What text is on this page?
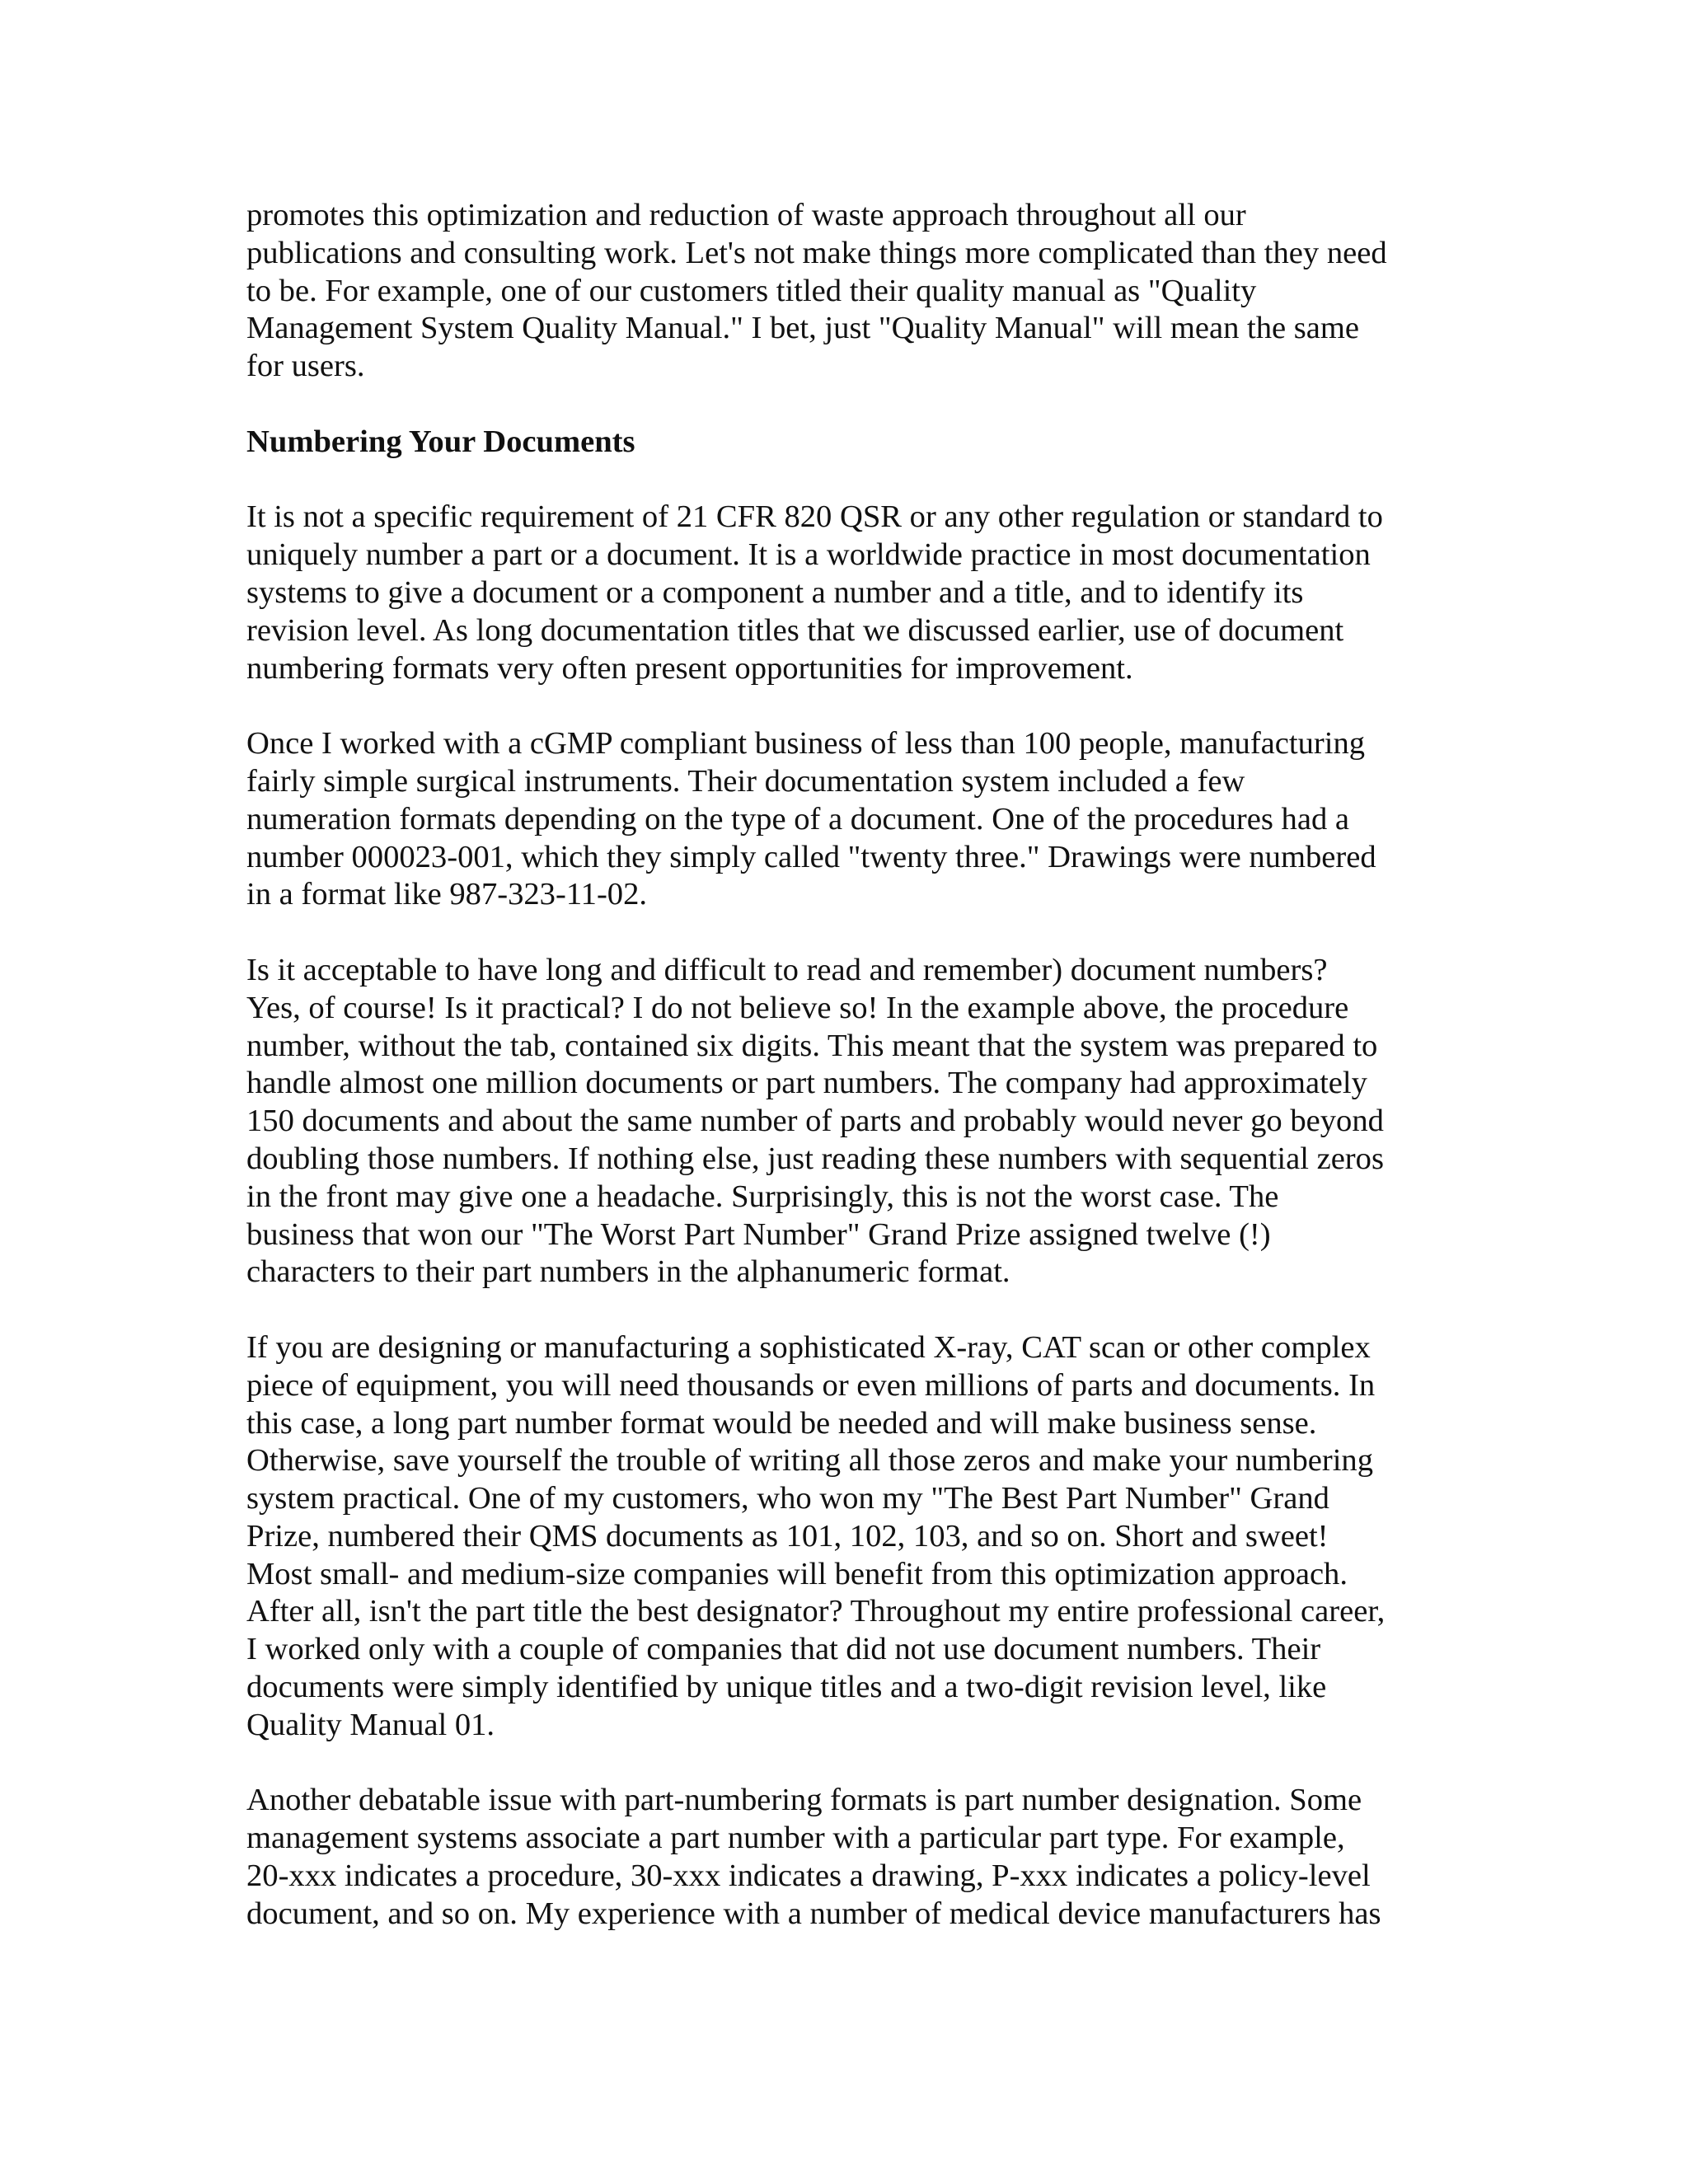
promotes this optimization and reduction of waste approach throughout all our
publications and consulting work. Let's not make things more complicated than they need
to be. For example, one of our customers titled their quality manual as "Quality
Management System Quality Manual." I bet, just "Quality Manual" will mean the same
for users.
Numbering Your Documents
It is not a specific requirement of 21 CFR 820 QSR or any other regulation or standard to
uniquely number a part or a document. It is a worldwide practice in most documentation
systems to give a document or a component a number and a title, and to identify its
revision level. As long documentation titles that we discussed earlier, use of document
numbering formats very often present opportunities for improvement.
Once I worked with a cGMP compliant business of less than 100 people, manufacturing
fairly simple surgical instruments. Their documentation system included a few
numeration formats depending on the type of a document. One of the procedures had a
number 000023-001, which they simply called "twenty three." Drawings were numbered
in a format like 987-323-11-02.
Is it acceptable to have long and difficult to read and remember) document numbers?
Yes, of course! Is it practical? I do not believe so! In the example above, the procedure
number, without the tab, contained six digits. This meant that the system was prepared to
handle almost one million documents or part numbers. The company had approximately
150 documents and about the same number of parts and probably would never go beyond
doubling those numbers. If nothing else, just reading these numbers with sequential zeros
in the front may give one a headache. Surprisingly, this is not the worst case. The
business that won our "The Worst Part Number" Grand Prize assigned twelve (!)
characters to their part numbers in the alphanumeric format.
If you are designing or manufacturing a sophisticated X-ray, CAT scan or other complex
piece of equipment, you will need thousands or even millions of parts and documents. In
this case, a long part number format would be needed and will make business sense.
Otherwise, save yourself the trouble of writing all those zeros and make your numbering
system practical. One of my customers, who won my "The Best Part Number" Grand
Prize, numbered their QMS documents as 101, 102, 103, and so on. Short and sweet!
Most small- and medium-size companies will benefit from this optimization approach.
After all, isn't the part title the best designator? Throughout my entire professional career,
I worked only with a couple of companies that did not use document numbers. Their
documents were simply identified by unique titles and a two-digit revision level, like
Quality Manual 01.
Another debatable issue with part-numbering formats is part number designation. Some
management systems associate a part number with a particular part type. For example,
20-xxx indicates a procedure, 30-xxx indicates a drawing, P-xxx indicates a policy-level
document, and so on. My experience with a number of medical device manufacturers has
